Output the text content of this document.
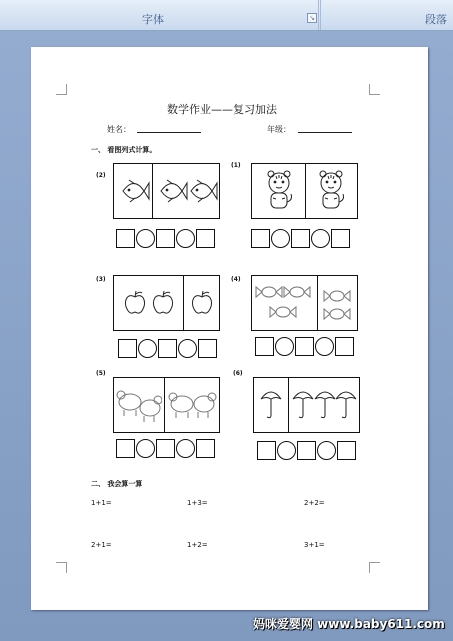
字体	↘	段落
数学作业——复习加法
姓名：	年级：
一、 看图列式计算。
(2)
(1)
(3)	(4)
(5)	(6)
二、 我会算一算
1+1=	1+3=	2+2=
2+1=	1+2=	3+1=
妈咪爱婴网 www.baby611.com
